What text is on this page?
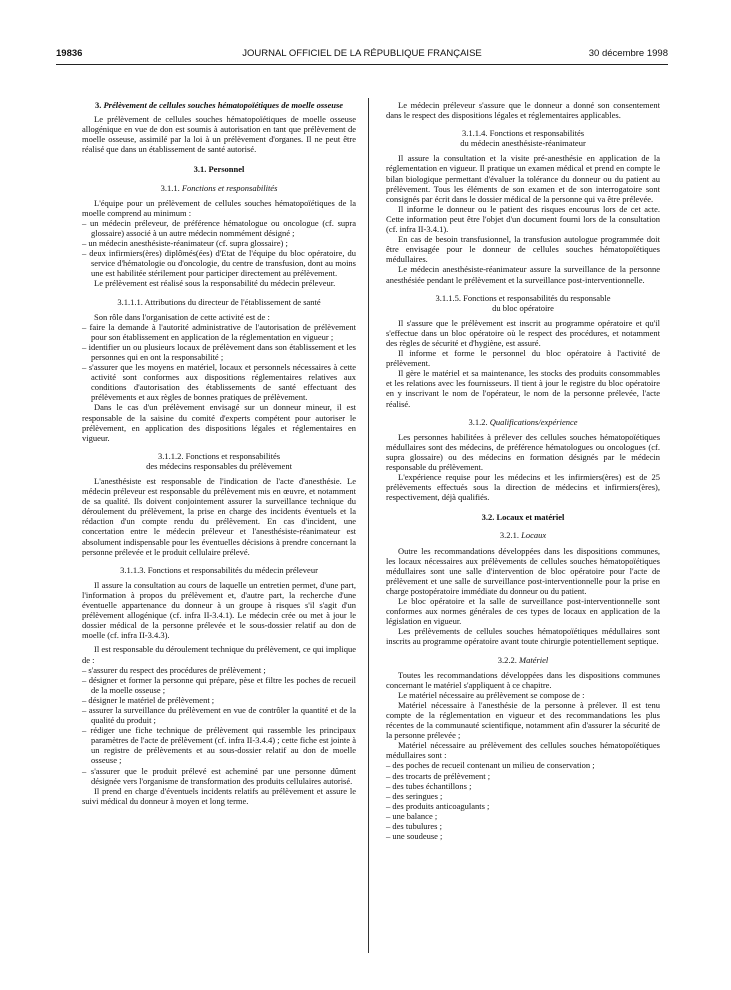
19836	JOURNAL OFFICIEL DE LA RÉPUBLIQUE FRANÇAISE	30 décembre 1998
3. Prélèvement de cellules souches hématopoïétiques de moelle osseuse

Le prélèvement de cellules souches hématopoïétiques de moelle osseuse allogénique en vue de don est soumis à autorisation en tant que prélèvement de moelle osseuse, assimilé par la loi à un prélèvement d'organes. Il ne peut être réalisé que dans un établissement de santé autorisé.

3.1. Personnel
3.1.1. Fonctions et responsabilités

L'équipe pour un prélèvement de cellules souches hématopoïétiques de la moelle comprend au minimum :

– un médecin préleveur, de préférence hématologue ou oncologue (cf. supra glossaire) associé à un autre médecin nommément désigné ;

– un médecin anesthésiste-réanimateur (cf. supra glossaire) ;

– deux infirmiers(ères) diplômés(ées) d'Etat de l'équipe du bloc opératoire, du service d'hématologie ou d'oncologie, du centre de transfusion, dont au moins une est habilitée stérilement pour participer directement au prélèvement.

Le prélèvement est réalisé sous la responsabilité du médecin préleveur.

3.1.1.1. Attributions du directeur de l'établissement de santé

Son rôle dans l'organisation de cette activité est de :

– faire la demande à l'autorité administrative de l'autorisation de prélèvement pour son établissement en application de la réglementation en vigueur ;

– identifier un ou plusieurs locaux de prélèvement dans son établissement et les personnes qui en ont la responsabilité ;

– s'assurer que les moyens en matériel, locaux et personnels nécessaires à cette activité sont conformes aux dispositions réglementaires relatives aux conditions d'autorisation des établissements de santé effectuant des prélèvements et aux règles de bonnes pratiques de prélèvement.

Dans le cas d'un prélèvement envisagé sur un donneur mineur, il est responsable de la saisine du comité d'experts compétent pour autoriser le prélèvement, en application des dispositions légales et réglementaires en vigueur.

3.1.1.2. Fonctions et responsabilités
des médecins responsables du prélèvement

L'anesthésiste est responsable de l'indication de l'acte d'anesthésie. Le médecin préleveur est responsable du prélèvement mis en œuvre, et notamment de sa qualité. Ils doivent conjointement assurer la surveillance technique du déroulement du prélèvement, la prise en charge des incidents éventuels et la rédaction d'un compte rendu du prélèvement. En cas d'incident, une concertation entre le médecin préleveur et l'anesthésiste-réanimateur est absolument indispensable pour les éventuelles décisions à prendre concernant la personne prélevée et le produit cellulaire prélevé.

3.1.1.3. Fonctions et responsabilités du médecin préleveur

Il assure la consultation au cours de laquelle un entretien permet, d'une part, l'information à propos du prélèvement et, d'autre part, la recherche d'une éventuelle appartenance du donneur à un groupe à risques s'il s'agit d'un prélèvement allogénique (cf. infra II-3.4.1). Le médecin crée ou met à jour le dossier médical de la personne prélevée et le sous-dossier relatif au don de moelle (cf. infra II-3.4.3).

Il est responsable du déroulement technique du prélèvement, ce qui implique de :

– s'assurer du respect des procédures de prélèvement ;

– désigner et former la personne qui prépare, pèse et filtre les poches de recueil de la moelle osseuse ;

– désigner le matériel de prélèvement ;

– assurer la surveillance du prélèvement en vue de contrôler la quantité et de la qualité du produit ;

– rédiger une fiche technique de prélèvement qui rassemble les principaux paramètres de l'acte de prélèvement (cf. infra II-3.4.4) ; cette fiche est jointe à un registre de prélèvements et au sous-dossier relatif au don de moelle osseuse ;

– s'assurer que le produit prélevé est acheminé par une personne dûment désignée vers l'organisme de transformation des produits cellulaires autorisé.

Il prend en charge d'éventuels incidents relatifs au prélèvement et assure le suivi médical du donneur à moyen et long terme.

Le médecin préleveur s'assure que le donneur a donné son consentement dans le respect des dispositions légales et réglementaires applicables.

3.1.1.4. Fonctions et responsabilités
du médecin anesthésiste-réanimateur

Il assure la consultation et la visite pré-anesthésie en application de la réglementation en vigueur. Il pratique un examen médical et prend en compte le bilan biologique permettant d'évaluer la tolérance du donneur ou du patient au prélèvement. Tous les éléments de son examen et de son interrogatoire sont consignés par écrit dans le dossier médical de la personne qui va être prélevée.

Il informe le donneur ou le patient des risques encourus lors de cet acte. Cette information peut être l'objet d'un document fourni lors de la consultation (cf. infra II-3.4.1).

En cas de besoin transfusionnel, la transfusion autologue programmée doit être envisagée pour le donneur de cellules souches hématopoïétiques médullaires.

Le médecin anesthésiste-réanimateur assure la surveillance de la personne anesthésiée pendant le prélèvement et la surveillance post-interventionnelle.

3.1.1.5. Fonctions et responsabilités du responsable
du bloc opératoire

Il s'assure que le prélèvement est inscrit au programme opératoire et qu'il s'effectue dans un bloc opératoire où le respect des procédures, et notamment des règles de sécurité et d'hygiène, est assuré.

Il informe et forme le personnel du bloc opératoire à l'activité de prélèvement.

Il gère le matériel et sa maintenance, les stocks des produits consommables et les relations avec les fournisseurs. Il tient à jour le registre du bloc opératoire en y inscrivant le nom de l'opérateur, le nom de la personne prélevée, l'acte réalisé.

3.1.2. Qualifications/expérience

Les personnes habilitées à prélever des cellules souches hématopoïétiques médullaires sont des médecins, de préférence hématologues ou oncologues (cf. supra glossaire) ou des médecins en formation désignés par le médecin responsable du prélèvement.

L'expérience requise pour les médecins et les infirmiers(ères) est de 25 prélèvements effectués sous la direction de médecins et infirmiers(ères), respectivement, déjà qualifiés.

3.2. Locaux et matériel
3.2.1. Locaux

Outre les recommandations développées dans les dispositions communes, les locaux nécessaires aux prélèvements de cellules souches hématopoïétiques médullaires sont une salle d'intervention de bloc opératoire pour l'acte de prélèvement et une salle de surveillance post-interventionnelle pour la prise en charge postopératoire immédiate du donneur ou du patient.

Le bloc opératoire et la salle de surveillance post-interventionnelle sont conformes aux normes générales de ces types de locaux en application de la législation en vigueur.

Les prélèvements de cellules souches hématopoïétiques médullaires sont inscrits au programme opératoire avant toute chirurgie potentiellement septique.

3.2.2. Matériel

Toutes les recommandations développées dans les dispositions communes concernant le matériel s'appliquent à ce chapitre.

Le matériel nécessaire au prélèvement se compose de :

Matériel nécessaire à l'anesthésie de la personne à prélever. Il est tenu compte de la réglementation en vigueur et des recommandations les plus récentes de la communauté scientifique, notamment afin d'assurer la sécurité de la personne prélevée ;

Matériel nécessaire au prélèvement des cellules souches hématopoïétiques médullaires sont :

– des poches de recueil contenant un milieu de conservation ;

– des trocarts de prélèvement ;

– des tubes échantillons ;

– des seringues ;

– des produits anticoagulants ;

– une balance ;

– des tubulures ;

– une soudeuse ;
